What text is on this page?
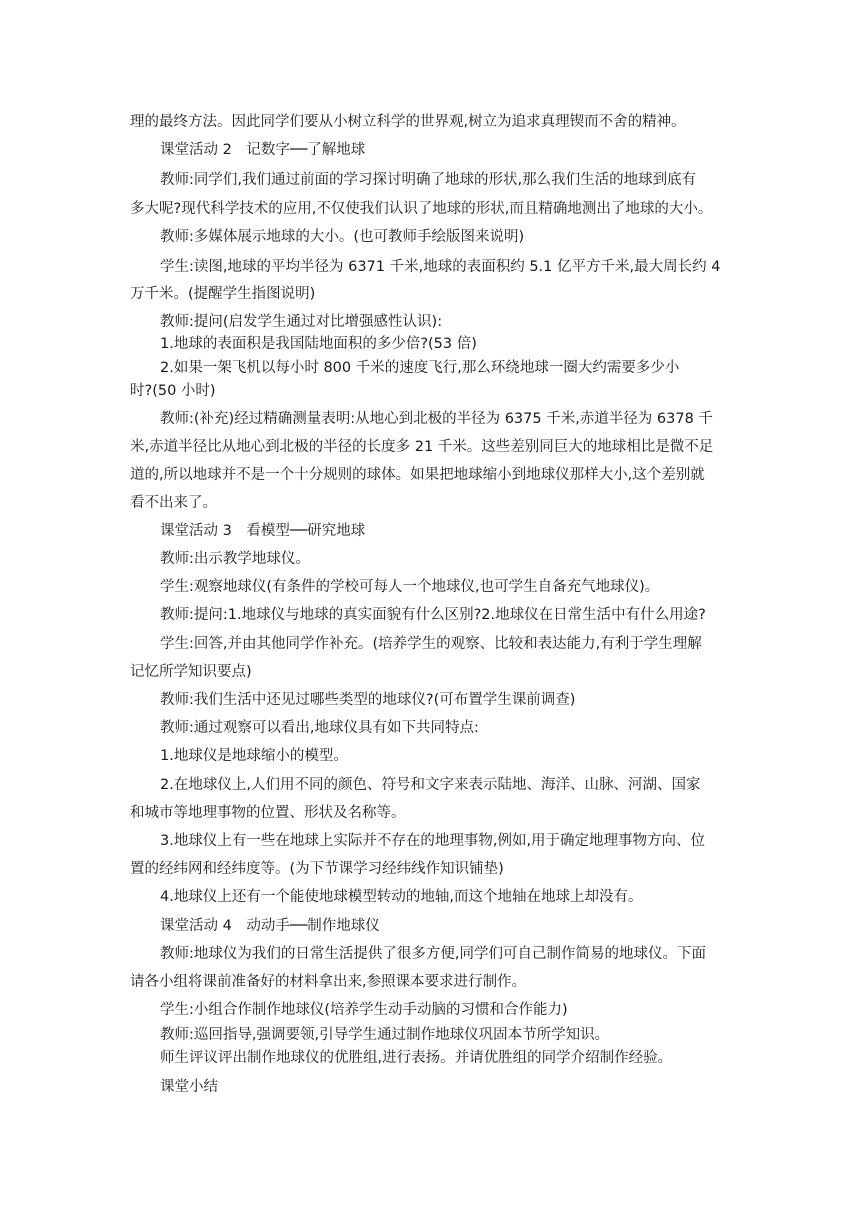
理的最终方法。因此同学们要从小树立科学的世界观,树立为追求真理锲而不舍的精神。
课堂活动 2　记数字──了解地球
教师:同学们,我们通过前面的学习探讨明确了地球的形状,那么我们生活的地球到底有
多大呢?现代科学技术的应用,不仅使我们认识了地球的形状,而且精确地测出了地球的大小。
教师:多媒体展示地球的大小。(也可教师手绘版图来说明)
学生:读图,地球的平均半径为 6371 千米,地球的表面积约 5.1 亿平方千米,最大周长约 4
万千米。(提醒学生指图说明)
教师:提问(启发学生通过对比增强感性认识):
1.地球的表面积是我国陆地面积的多少倍?(53 倍)
2.如果一架飞机以每小时 800 千米的速度飞行,那么环绕地球一圈大约需要多少小
时?(50 小时)
教师:(补充)经过精确测量表明:从地心到北极的半径为 6375 千米,赤道半径为 6378 千
米,赤道半径比从地心到北极的半径的长度多 21 千米。这些差别同巨大的地球相比是微不足
道的,所以地球并不是一个十分规则的球体。如果把地球缩小到地球仪那样大小,这个差别就
看不出来了。
课堂活动 3　看模型──研究地球
教师:出示教学地球仪。
学生:观察地球仪(有条件的学校可每人一个地球仪,也可学生自备充气地球仪)。
教师:提问:1.地球仪与地球的真实面貌有什么区别?2.地球仪在日常生活中有什么用途?
学生:回答,并由其他同学作补充。(培养学生的观察、比较和表达能力,有利于学生理解
记忆所学知识要点)
教师:我们生活中还见过哪些类型的地球仪?(可布置学生课前调查)
教师:通过观察可以看出,地球仪具有如下共同特点:
1.地球仪是地球缩小的模型。
2.在地球仪上,人们用不同的颜色、符号和文字来表示陆地、海洋、山脉、河湖、国家
和城市等地理事物的位置、形状及名称等。
3.地球仪上有一些在地球上实际并不存在的地理事物,例如,用于确定地理事物方向、位
置的经纬网和经纬度等。(为下节课学习经纬线作知识铺垫)
4.地球仪上还有一个能使地球模型转动的地轴,而这个地轴在地球上却没有。
课堂活动 4　动动手──制作地球仪
教师:地球仪为我们的日常生活提供了很多方便,同学们可自己制作简易的地球仪。下面
请各小组将课前准备好的材料拿出来,参照课本要求进行制作。
学生:小组合作制作地球仪(培养学生动手动脑的习惯和合作能力)
教师:巡回指导,强调要领,引导学生通过制作地球仪巩固本节所学知识。
师生评议评出制作地球仪的优胜组,进行表扬。并请优胜组的同学介绍制作经验。
课堂小结
